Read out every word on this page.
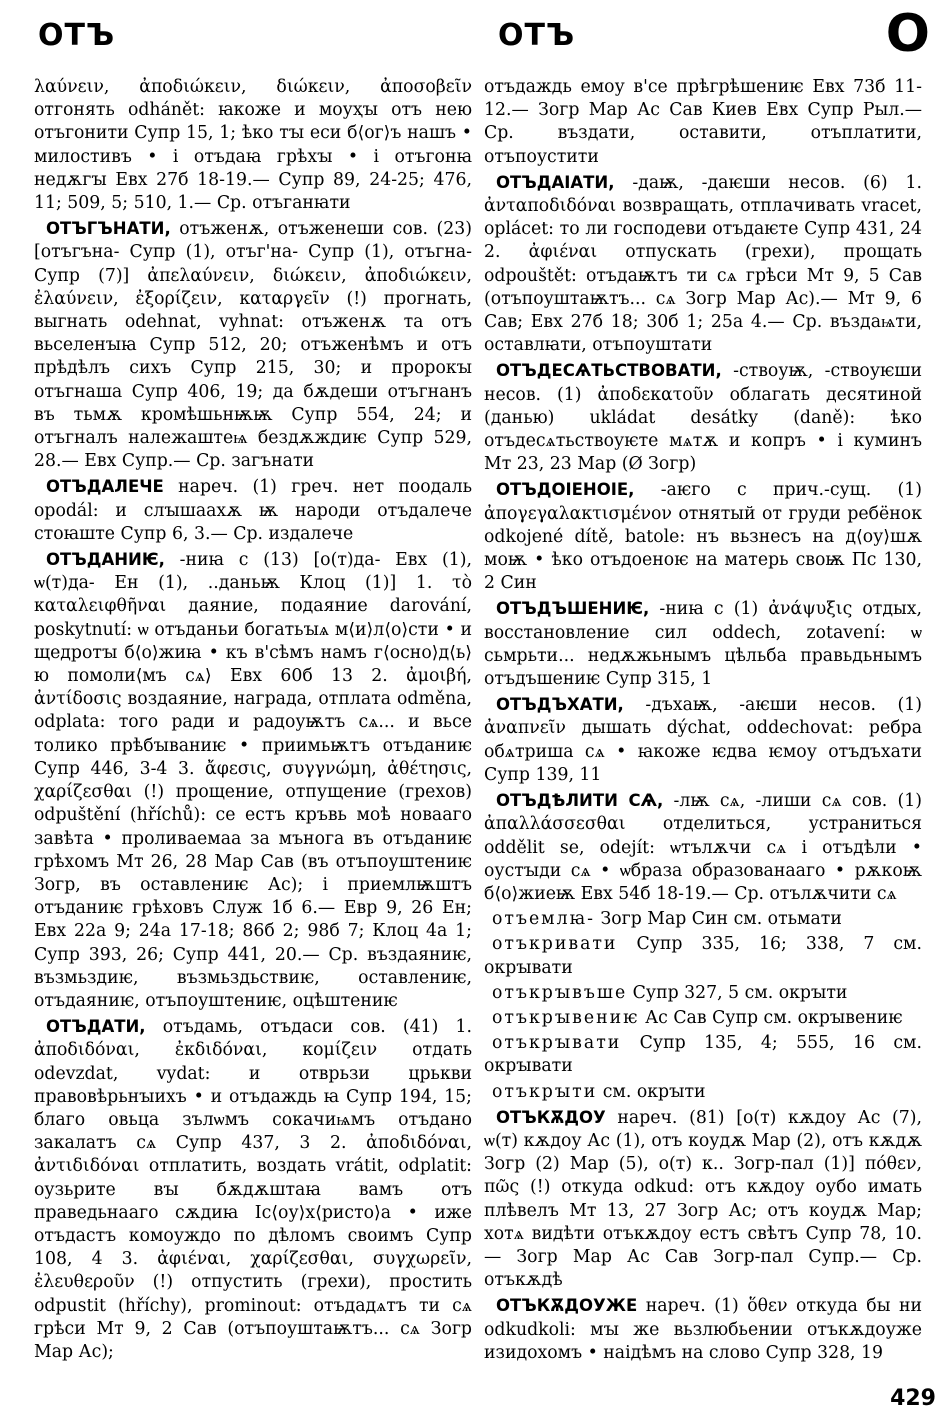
ОТЪ	ОТЪ	О

λαύνειν, ἀποδιώκειν, διώκειν, ἀποσοβεῖν отгонять odhánět: ꙗкоже и моуҳꙑ отъ нею отъгонити Супр 15, 1; ѣко тꙑ еси б⟨ог⟩ъ нашъ • милостивъ • і отъдаꙗ грѣхꙑ • і отъгонꙗ недѫгꙑ Евх 27б 18-19.— Супр 89, 24-25; 476, 11; 509, 5; 510, 1.— Ср. отъганꙗти

ОТЪГЪНАТИ, отъженѫ, отъженеши сов. (23) [отъгъна- Супр (1), отъг'на- Супр (1), отъгна- Супр (7)] ἀπελαύνειν, διώκειν, ἀποδιώκειν, ἐλαύνειν, ἐξορίζειν, καταργεῖν (!) прогнать, выгнать odehnat, vyhnat: отъженѫ та отъ вьселенꙑꙗ Супр 512, 20; отъженѣмъ и отъ прѣдѣлъ сихъ Супр 215, 30; и пророкꙑ отъгнаша Супр 406, 19; да бѫдеши отъгнанъ въ тьмѫ кромѣшьнѭѭ Супр 554, 24; и отъгналъ належаштеѩ бездѫждиѥ Супр 529, 28.— Евх Супр.— Ср. загънати

ОТЪДАЛЕЧЕ нареч. (1) греч. нет поодаль opodál: и слꙑшаахѫ ѭ народи отъдалече стоꙗште Супр 6, 3.— Ср. издалече

ОТЪДАНИѤ, -ниꙗ с (13) [о(т)да- Евх (1), ѡ(т)да- Ен (1), ..даньѭ Клоц (1)] 1. τὸ καταλειφθῆναι даяние, подаяние darování, poskytnutí: ѡ отъданьи богатьꙑѧ м⟨и⟩л⟨о⟩сти • и щедротꙑ б⟨о⟩жиꙗ • къ в'сѣмъ намъ г⟨осно⟩д⟨ь⟩ю помоли⟨мъ сѧ⟩ Евх 60б 13 2. ἀμοιβή, ἀντίδοσις воздаяние, награда, отплата odměna, odplata: того ради и радоуѭтъ сѧ... и вьсе толико прѣбꙑваниѥ • приимьѭтъ отъданиѥ Супр 446, 3-4 3. ἄφεσις, συγγνώμη, ἀθέτησις, χαρίζεσθαι (!) прощение, отпущение (грехов) odpuštění (hříchů): се естъ кръвь моѣ новааго завѣта • проливаемаа за мънога въ отъданиѥ грѣхомъ Мт 26, 28 Мар Сав (въ отъпоуштениѥ Зогр, въ оставлениѥ Ас); і приемлѭштъ отъданиѥ грѣховъ Служ 1б 6.— Евр 9, 26 Ен; Евх 22а 9; 24а 17-18; 86б 2; 98б 7; Клоц 4а 1; Супр 393, 26; Супр 441, 20.— Ср. въздаяниѥ, възмьздиѥ, възмьздьствиѥ, оставлениѥ, отъдаяниѥ, отъпоуштениѥ, оцѣштениѥ

ОТЪДАТИ, отъдамь, отъдаси сов. (41) 1. ἀποδιδόναι, ἐκδιδόναι, κομίζειν отдать odevzdat, vydat: и отврьзи црькви правовѣрьнꙑихъ • и отъдаждь ꙗ Супр 194, 15; благо овьца зълѡмъ сокачиѩмъ отъдано закалатъ сѧ Супр 437, 3 2. ἀποδιδόναι, ἀντιδιδόναι отплатить, воздать vrátit, odplatit: оузьрите вꙑ бѫдѫштаꙗ вамъ отъ праведьнааго сѫдиꙗ Іс⟨оу⟩х⟨ристо⟩а • иже отъдастъ комоуждо по дѣломъ своимъ Супр 108, 4 3. ἀφιέναι, χαρίζεσθαι, συγχωρεῖν, ἐλευθεροῦν (!) отпустить (грехи), простить odpustit (hříchy), prominout: отъдадѧтъ ти сѧ грѣси Мт 9, 2 Сав (отъпоуштаѭтъ... сѧ Зогр Мар Ас);

отъдаждь емоу в'се прѣгрѣшениѥ Евх 73б 11-12.— Зогр Мар Ас Сав Киев Евх Супр Рыл.— Ср. въздати, оставити, отъплатити, отъпоустити

ОТЪДАІАТИ, -даѭ, -даѥши несов. (6) 1. ἀνταποδιδόναι возвращать, отплачивать vracet, oplácet: то ли господеви отъдаѥте Супр 431, 24 2. ἀφιέναι отпускать (грехи), прощать odpouštět: отъдаѭтъ ти сѧ грѣси Мт 9, 5 Сав (отъпоуштаѭтъ... сѧ Зогр Мар Ас).— Мт 9, 6 Сав; Евх 27б 18; 30б 1; 25а 4.— Ср. въздаѩти, оставлꙗти, отъпоуштати

ОТЪДЕСѦТЬСТВОВАТИ, -ствоуѭ, -ствоуѥши несов. (1) ἀποδεκατοῦν облагать десятиной (данью) ukládat desátky (daně): ѣко отъдесѧтьствоуѥте мѧтѫ и копръ • і куминъ Мт 23, 23 Мар (Ø Зогр)

ОТЪДОІЕНОІЕ, -аѥго с прич.-сущ. (1) ἀπογεγαλακτισμένον отнятый от груди ребёнок odkojené dítě, batole: нъ вьзнесъ на д⟨оу⟩шѫ моѭ • ѣко отъдоеноѥ на матерь своѭ Пс 130, 2 Син

ОТЪДЪШЕНИѤ, -ниꙗ с (1) ἀνάψυξις отдых, восстановление сил oddech, zotavení: ѡ сьмрьти... недѫжьнымъ цѣльба правьдьнымъ отъдъшениѥ Супр 315, 1

ОТЪДЪХАТИ, -дъхаѭ, -аѥши несов. (1) ἀναπνεῖν дышать dýchat, oddechovat: ребра обѧтриша сѧ • ꙗкоже ѥдва ѥмоу отъдъхати Супр 139, 11

ОТЪДѢЛИТИ СѦ, -лѭ сѧ, -лиши сѧ сов. (1) ἀπαλλάσσεσθαι отделиться, устраниться oddělit se, odejít: ѡтълѫчи сѧ і отъдѣли • оустꙑди сѧ • ѡбраза образованааго • рѫкоѭ б⟨о⟩жиеѭ Евх 54б 18-19.— Ср. отълѫчити сѧ

отъемлꙗ- Зогр Мар Син см. отьмати

отъкривати Супр 335, 16; 338, 7 см. окрꙑвати

отъкрꙑвъше Супр 327, 5 см. окрꙑти

отъкрꙑвениѥ Ас Сав Супр см. окрꙑвениѥ

отъкрꙑвати Супр 135, 4; 555, 16 см. окрꙑвати

отъкрꙑти см. окрꙑти

ОТЪКѪДОУ нареч. (81) [о(т) кѫдоу Ас (7), ѡ(т) кѫдоу Ас (1), отъ коудѫ Мар (2), отъ кѫдѫ Зогр (2) Мар (5), о(т) к.. Зогр-пал (1)] πόθεν, πῶς (!) откуда odkud: отъ кѫдоу оубо имать плѣвелъ Мт 13, 27 Зогр Ас; отъ коудѫ Мар; хотѧ видѣти отъкѫдоу естъ свѣтъ Супр 78, 10.— Зогр Мар Ас Сав Зогр-пал Супр.— Ср. отъкѫдѣ

ОТЪКѪДОУЖЕ нареч. (1) ὅθεν откуда бы ни odkudkoli: мꙑ же вьзлюбьении отъкѫдоуже изидохомъ • наідѣмъ на слово Супр 328, 19

429
